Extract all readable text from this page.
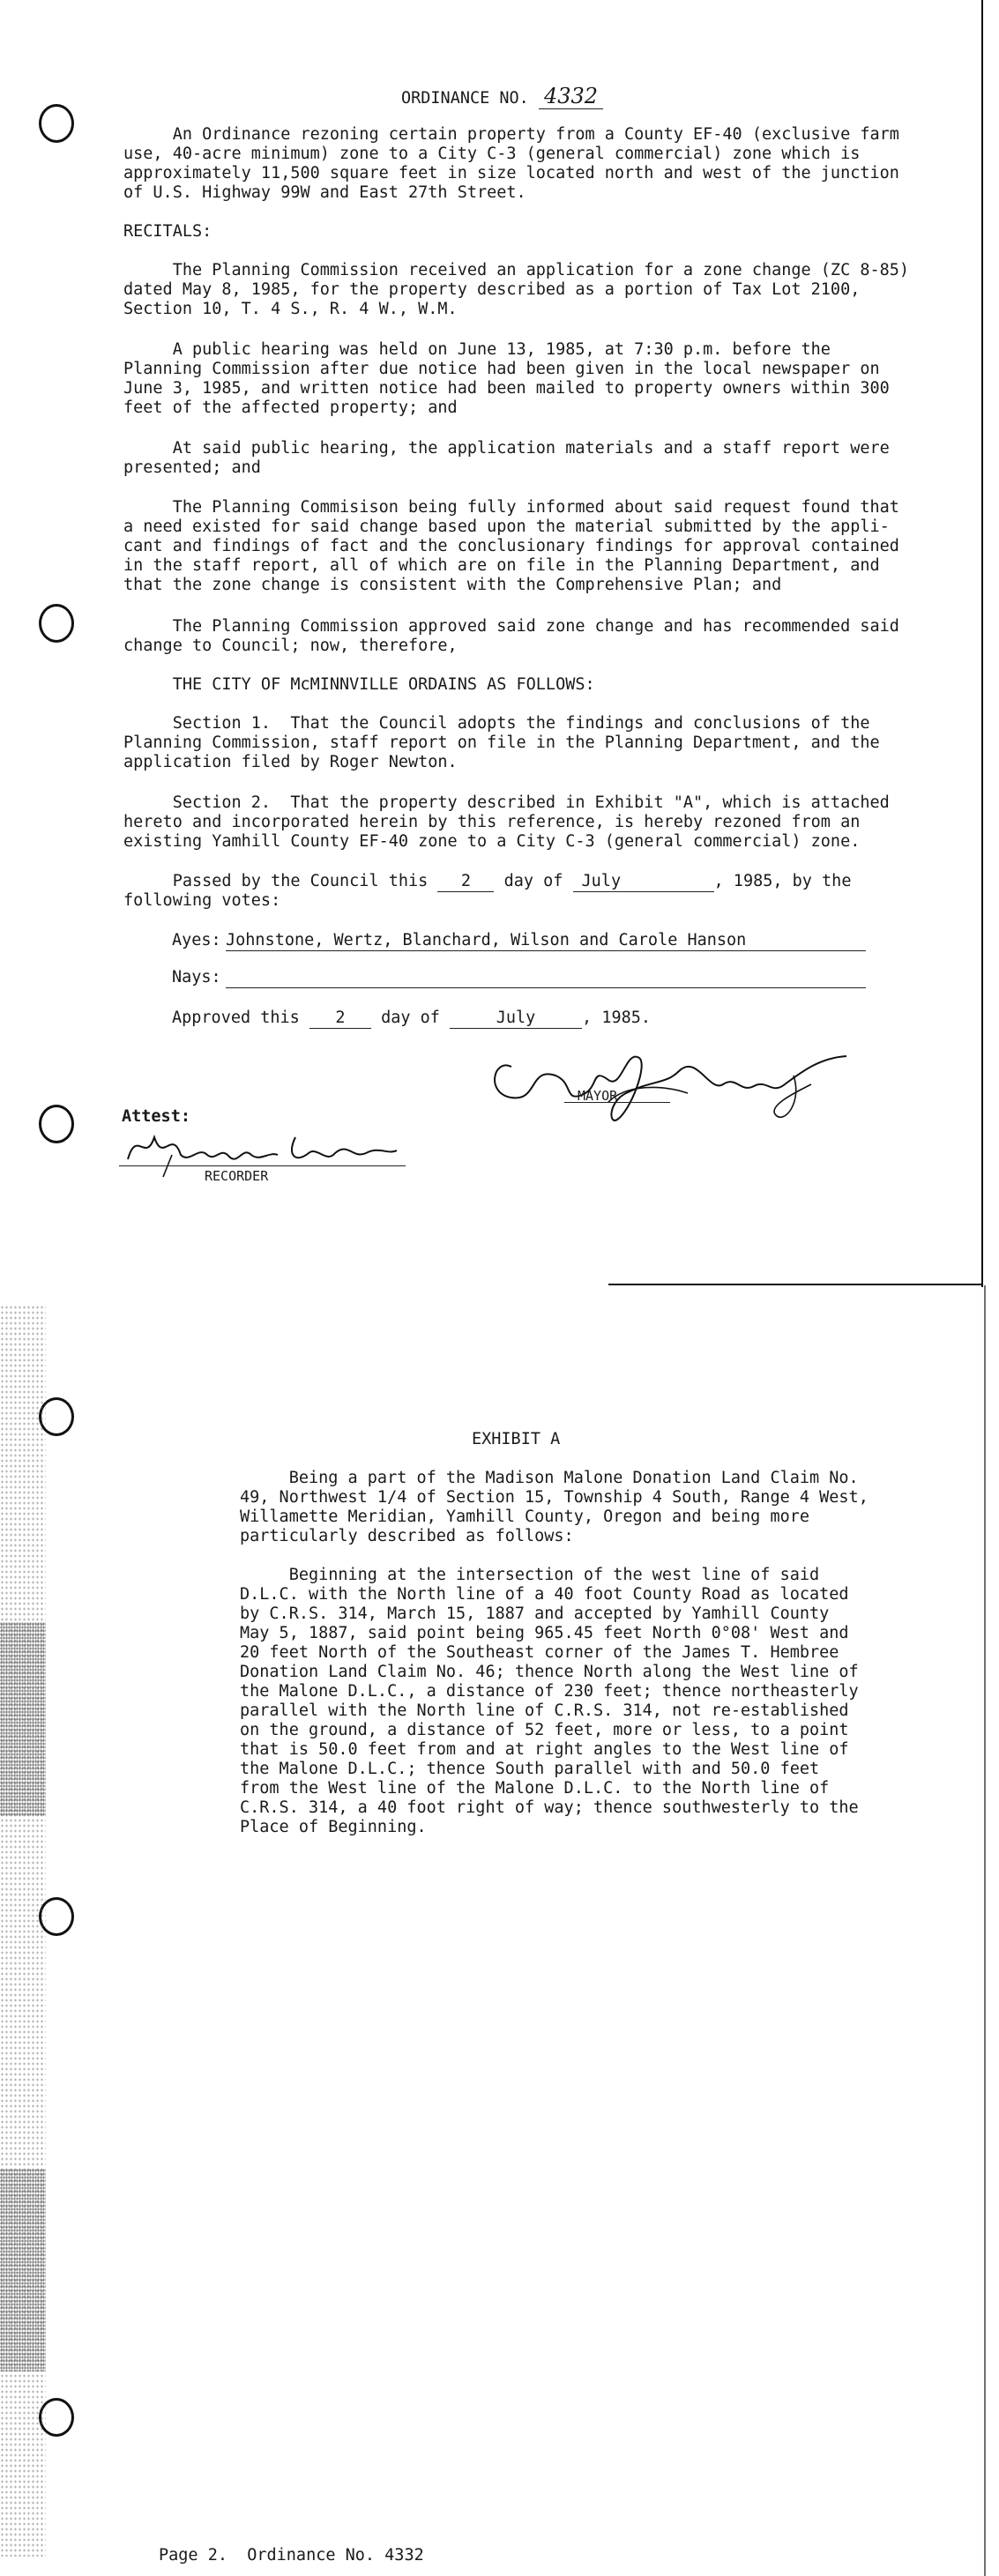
ORDINANCE NO. 4332
An Ordinance rezoning certain property from a County EF-40 (exclusive farm
use, 40-acre minimum) zone to a City C-3 (general commercial) zone which is
approximately 11,500 square feet in size located north and west of the junction
of U.S. Highway 99W and East 27th Street.
RECITALS:
The Planning Commission received an application for a zone change (ZC 8-85)
dated May 8, 1985, for the property described as a portion of Tax Lot 2100,
Section 10, T. 4 S., R. 4 W., W.M.
A public hearing was held on June 13, 1985, at 7:30 p.m. before the
Planning Commission after due notice had been given in the local newspaper on
June 3, 1985, and written notice had been mailed to property owners within 300
feet of the affected property; and
At said public hearing, the application materials and a staff report were
presented; and
The Planning Commisison being fully informed about said request found that
a need existed for said change based upon the material submitted by the appli-
cant and findings of fact and the conclusionary findings for approval contained
in the staff report, all of which are on file in the Planning Department, and
that the zone change is consistent with the Comprehensive Plan; and
The Planning Commission approved said zone change and has recommended said
change to Council; now, therefore,
THE CITY OF McMINNVILLE ORDAINS AS FOLLOWS:
Section 1.  That the Council adopts the findings and conclusions of the
Planning Commission, staff report on file in the Planning Department, and the
application filed by Roger Newton.
Section 2.  That the property described in Exhibit "A", which is attached
hereto and incorporated herein by this reference, is hereby rezoned from an
existing Yamhill County EF-40 zone to a City C-3 (general commercial) zone.
Passed by the Council this 2 day of July	, 1985, by the
following votes:
Ayes: Johnstone, Wertz, Blanchard, Wilson and Carole Hanson
Nays:
Approved this 2 day of	July	, 1985.
MAYOR
Attest:
RECORDER
EXHIBIT A
Being a part of the Madison Malone Donation Land Claim No.
49, Northwest 1/4 of Section 15, Township 4 South, Range 4 West,
Willamette Meridian, Yamhill County, Oregon and being more
particularly described as follows:
Beginning at the intersection of the west line of said
D.L.C. with the North line of a 40 foot County Road as located
by C.R.S. 314, March 15, 1887 and accepted by Yamhill County
May 5, 1887, said point being 965.45 feet North 0°08' West and
20 feet North of the Southeast corner of the James T. Hembree
Donation Land Claim No. 46; thence North along the West line of
the Malone D.L.C., a distance of 230 feet; thence northeasterly
parallel with the North line of C.R.S. 314, not re-established
on the ground, a distance of 52 feet, more or less, to a point
that is 50.0 feet from and at right angles to the West line of
the Malone D.L.C.; thence South parallel with and 50.0 feet
from the West line of the Malone D.L.C. to the North line of
C.R.S. 314, a 40 foot right of way; thence southwesterly to the
Place of Beginning.
Page 2.  Ordinance No. 4332
